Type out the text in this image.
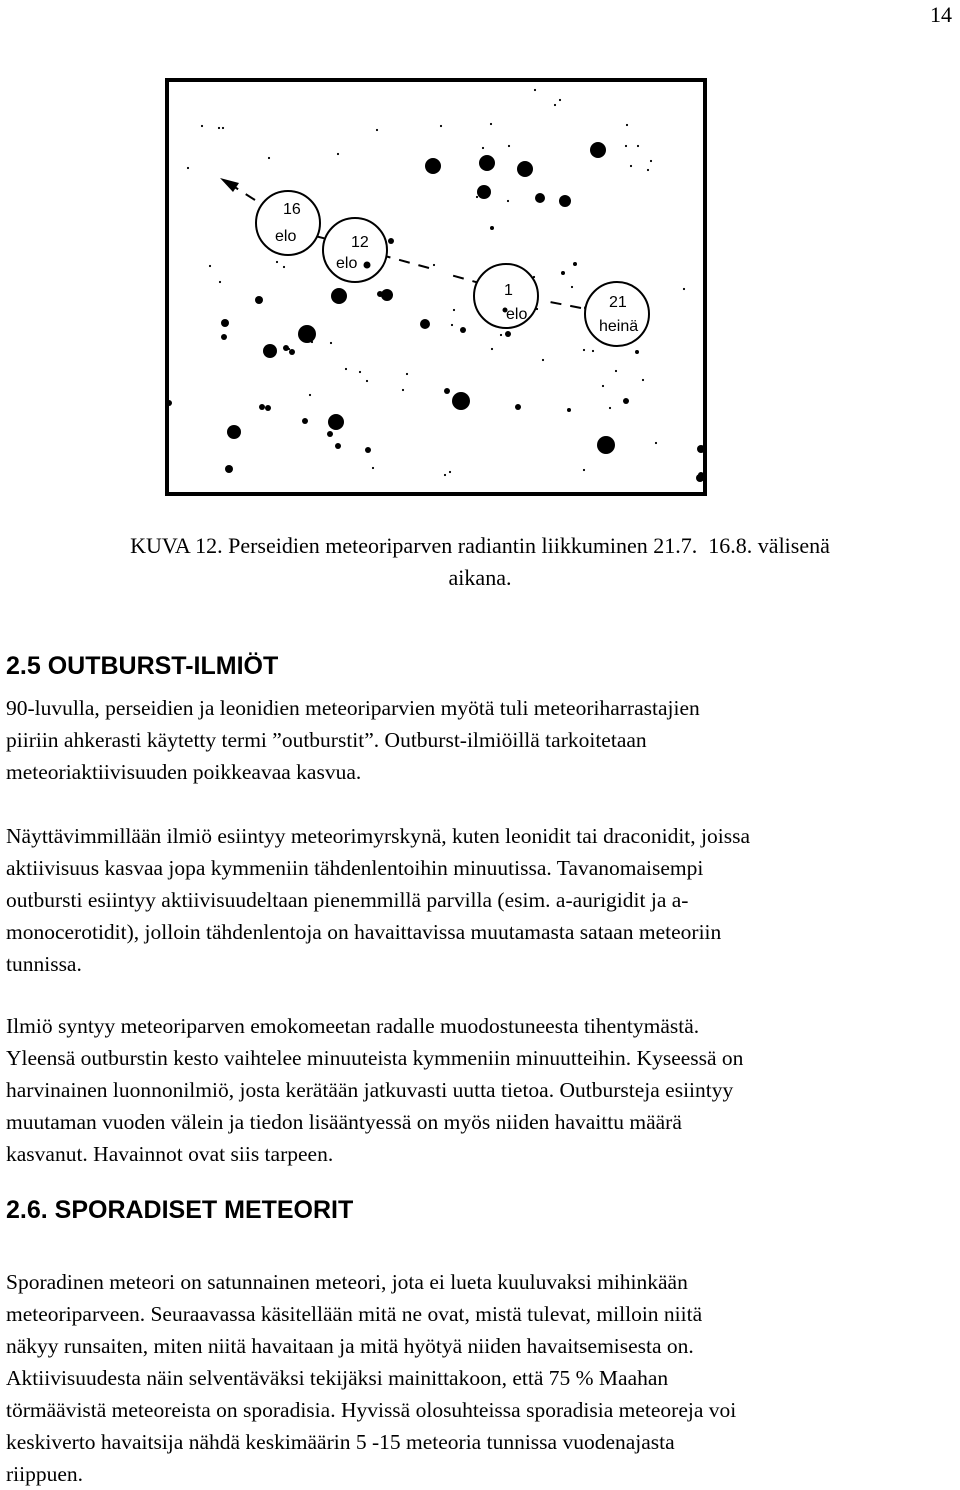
14
16
elo	12
elo
1
elo
21
heinä
KUVA 12. Perseidien meteoriparven radiantin liikkuminen 21.7.  16.8. välisenä
aikana.
2.5 OUTBURST-ILMIÖT

90-luvulla, perseidien ja leonidien meteoriparvien myötä tuli meteoriharrastajien
piiriin ahkerasti käytetty termi ”outburstit”. Outburst-ilmiöillä tarkoitetaan
meteoriaktiivisuuden poikkeavaa kasvua.

Näyttävimmillään ilmiö esiintyy meteorimyrskynä, kuten leonidit tai draconidit, joissa
aktiivisuus kasvaa jopa kymmeniin tähdenlentoihin minuutissa. Tavanomaisempi
outbursti esiintyy aktiivisuudeltaan pienemmillä parvilla (esim. a-aurigidit ja a-
monocerotidit), jolloin tähdenlentoja on havaittavissa muutamasta sataan meteoriin
tunnissa.

Ilmiö syntyy meteoriparven emokomeetan radalle muodostuneesta tihentymästä.
Yleensä outburstin kesto vaihtelee minuuteista kymmeniin minuutteihin. Kyseessä on
harvinainen luonnonilmiö, josta kerätään jatkuvasti uutta tietoa. Outbursteja esiintyy
muutaman vuoden välein ja tiedon lisääntyessä on myös niiden havaittu määrä
kasvanut. Havainnot ovat siis tarpeen.

2.6. SPORADISET METEORIT

Sporadinen meteori on satunnainen meteori, jota ei lueta kuuluvaksi mihinkään
meteoriparveen. Seuraavassa käsitellään mitä ne ovat, mistä tulevat, milloin niitä
näkyy runsaiten, miten niitä havaitaan ja mitä hyötyä niiden havaitsemisesta on.
Aktiivisuudesta näin selventäväksi tekijäksi mainittakoon, että 75 % Maahan
törmäävistä meteoreista on sporadisia. Hyvissä olosuhteissa sporadisia meteoreja voi
keskiverto havaitsija nähdä keskimäärin 5 -15 meteoria tunnissa vuodenajasta
riippuen.
